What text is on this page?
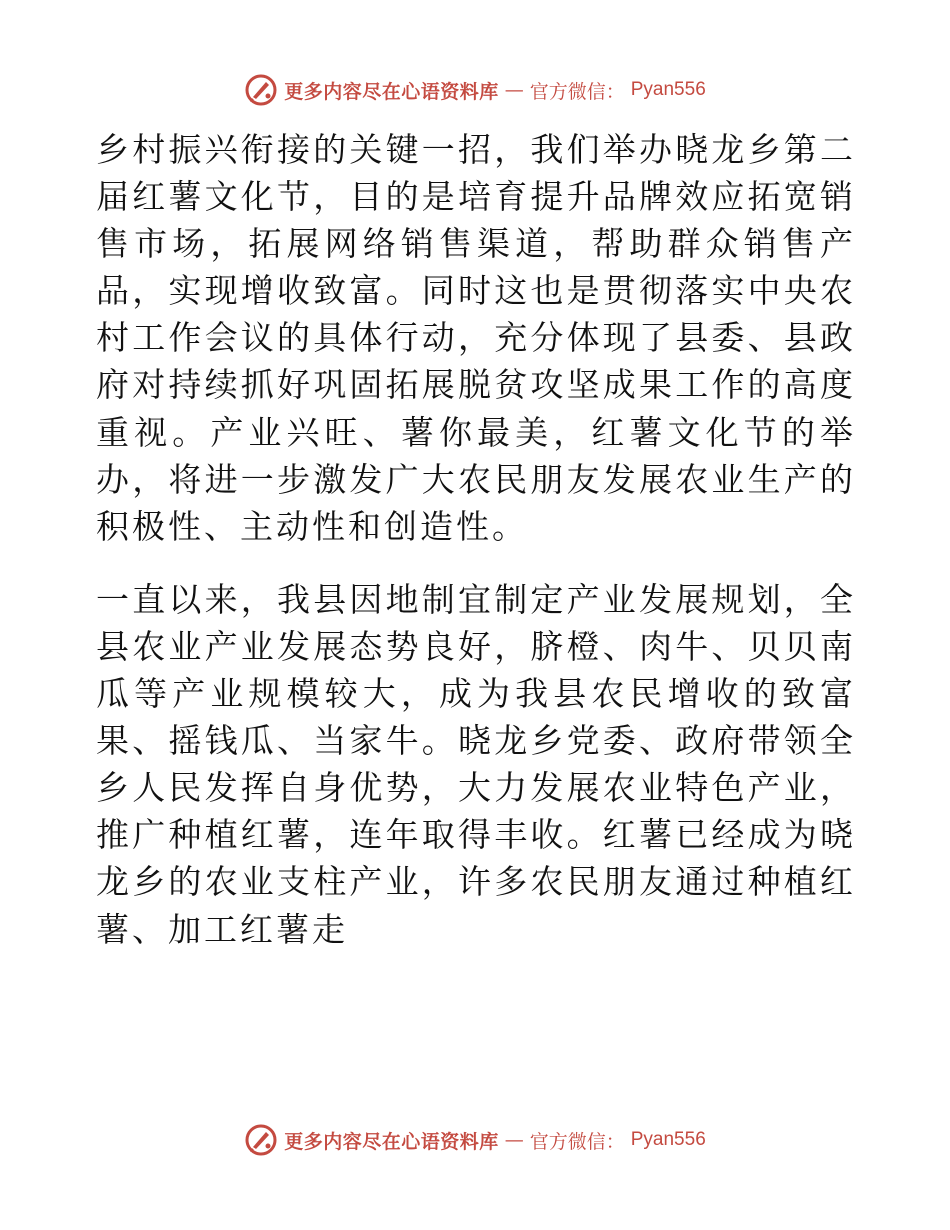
更多内容尽在心语资料库 — 官方微信： Pyan556

乡村振兴衔接的关键一招，我们举办晓龙乡第二届红薯文化节，目的是培育提升品牌效应拓宽销售市场，拓展网络销售渠道，帮助群众销售产品，实现增收致富。同时这也是贯彻落实中央农村工作会议的具体行动，充分体现了县委、县政府对持续抓好巩固拓展脱贫攻坚成果工作的高度重视。产业兴旺、薯你最美，红薯文化节的举办，将进一步激发广大农民朋友发展农业生产的积极性、主动性和创造性。

一直以来，我县因地制宜制定产业发展规划，全县农业产业发展态势良好，脐橙、肉牛、贝贝南瓜等产业规模较大，成为我县农民增收的致富果、摇钱瓜、当家牛。晓龙乡党委、政府带领全乡人民发挥自身优势，大力发展农业特色产业，推广种植红薯，连年取得丰收。红薯已经成为晓龙乡的农业支柱产业，许多农民朋友通过种植红薯、加工红薯走

更多内容尽在心语资料库 — 官方微信： Pyan556
